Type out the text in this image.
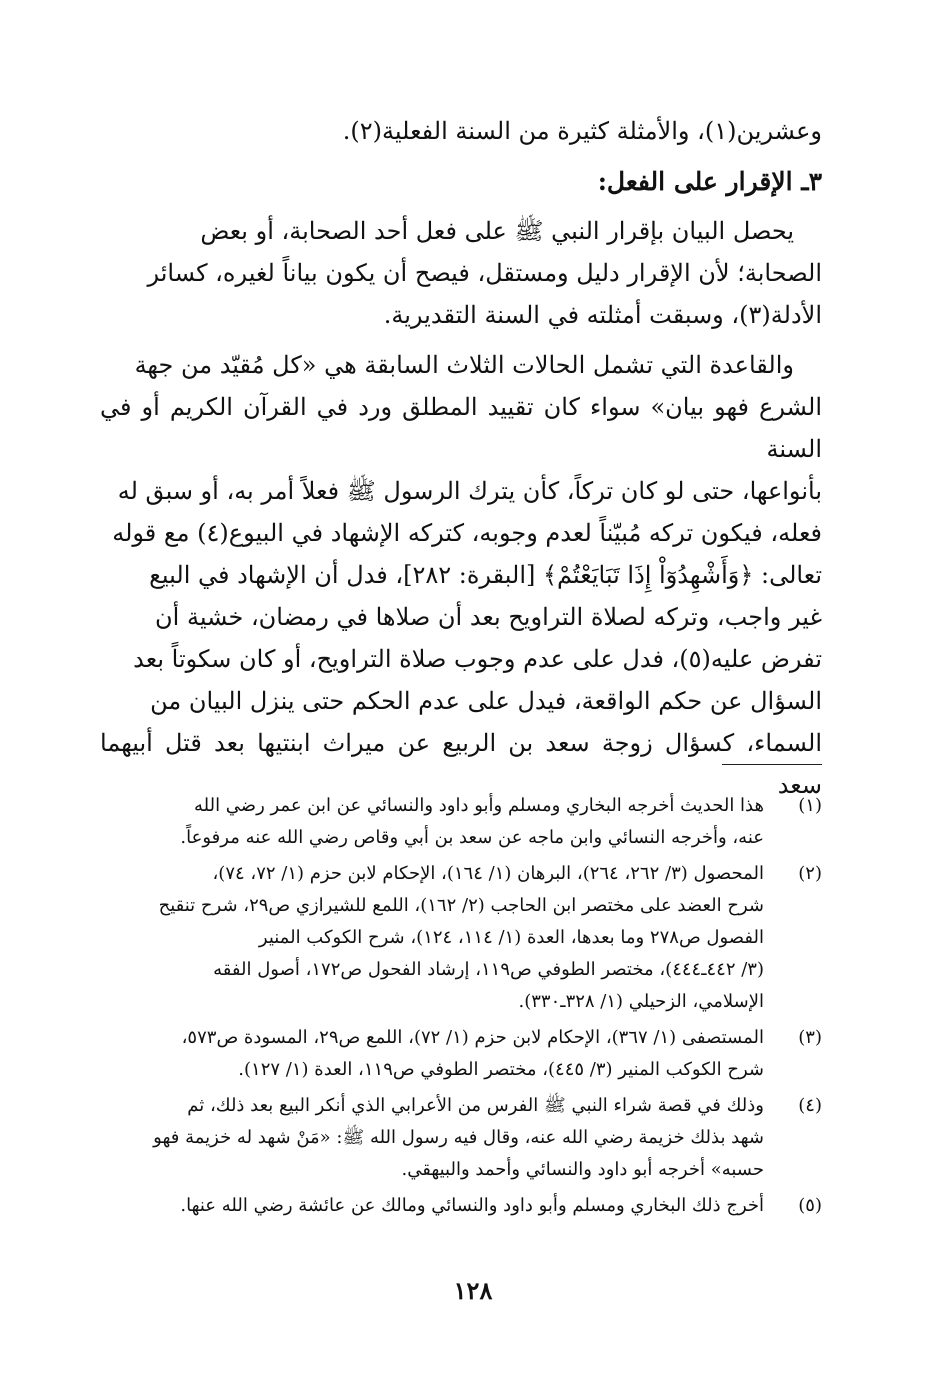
وعشرين(١)، والأمثلة كثيرة من السنة الفعلية(٢).

٣ـ الإقرار على الفعل:

يحصل البيان بإقرار النبي ﷺ على فعل أحد الصحابة، أو بعض

الصحابة؛ لأن الإقرار دليل ومستقل، فيصح أن يكون بياناً لغيره، كسائر

الأدلة(٣)، وسبقت أمثلته في السنة التقديرية.

والقاعدة التي تشمل الحالات الثلاث السابقة هي «كل مُقيّد من جهة

الشرع فهو بيان» سواء كان تقييد المطلق ورد في القرآن الكريم أو في السنة

بأنواعها، حتى لو كان تركاً، كأن يترك الرسول ﷺ فعلاً أمر به، أو سبق له

فعله، فيكون تركه مُبيّناً لعدم وجوبه، كتركه الإشهاد في البيوع(٤) مع قوله

تعالى: ﴿وَأَشْهِدُوٓاْ إِذَا تَبَايَعْتُمْ﴾ [البقرة: ٢٨٢]، فدل أن الإشهاد في البيع

غير واجب، وتركه لصلاة التراويح بعد أن صلاها في رمضان، خشية أن

تفرض عليه(٥)، فدل على عدم وجوب صلاة التراويح، أو كان سكوتاً بعد

السؤال عن حكم الواقعة، فيدل على عدم الحكم حتى ينزل البيان من

السماء، كسؤال زوجة سعد بن الربيع عن ميراث ابنتيها بعد قتل أبيهما سعد

(١)

هذا الحديث أخرجه البخاري ومسلم وأبو داود والنسائي عن ابن عمر رضي الله

عنه، وأخرجه النسائي وابن ماجه عن سعد بن أبي وقاص رضي الله عنه مرفوعاً.

(٢)

المحصول (٣/ ٢٦٢، ٢٦٤)، البرهان (١/ ١٦٤)، الإحكام لابن حزم (١/ ٧٢، ٧٤)،

شرح العضد على مختصر ابن الحاجب (٢/ ١٦٢)، اللمع للشيرازي ص٢٩، شرح تنقيح

الفصول ص٢٧٨ وما بعدها، العدة (١/ ١١٤، ١٢٤)، شرح الكوكب المنير

(٣/ ٤٤٢ـ٤٤٤)، مختصر الطوفي ص١١٩، إرشاد الفحول ص١٧٢، أصول الفقه

الإسلامي، الزحيلي (١/ ٣٢٨ـ٣٣٠).

(٣)

المستصفى (١/ ٣٦٧)، الإحكام لابن حزم (١/ ٧٢)، اللمع ص٢٩، المسودة ص٥٧٣،

شرح الكوكب المنير (٣/ ٤٤٥)، مختصر الطوفي ص١١٩، العدة (١/ ١٢٧).

(٤)

وذلك في قصة شراء النبي ﷺ الفرس من الأعرابي الذي أنكر البيع بعد ذلك، ثم

شهد بذلك خزيمة رضي الله عنه، وقال فيه رسول الله ﷺ: «مَنْ شهد له خزيمة فهو

حسبه» أخرجه أبو داود والنسائي وأحمد والبيهقي.

(٥)

أخرج ذلك البخاري ومسلم وأبو داود والنسائي ومالك عن عائشة رضي الله عنها.

١٢٨
